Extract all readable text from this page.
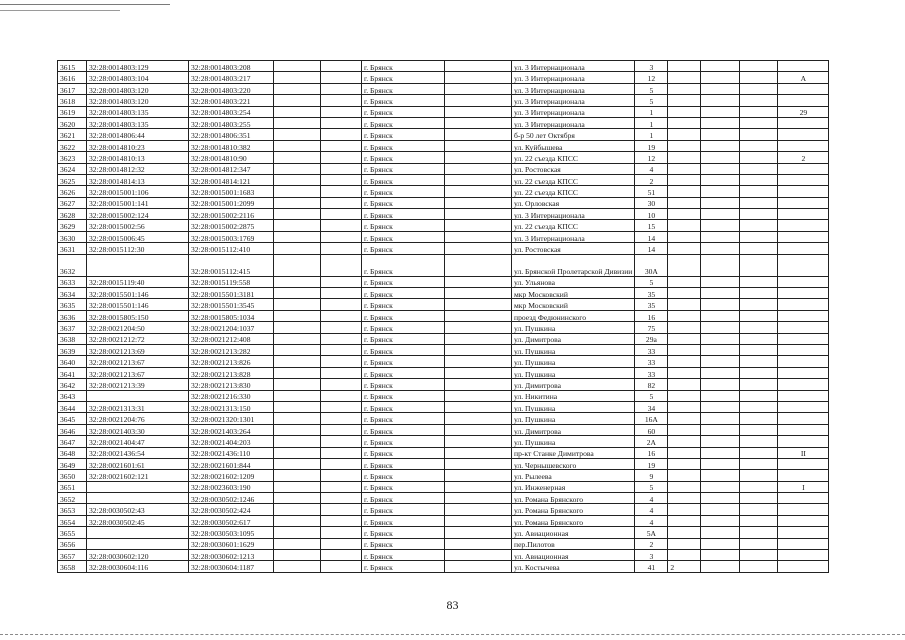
3615	32:28:0014803:129	32:28:0014803:208			г. Брянск		ул. 3 Интернационала	3				
3616	32:28:0014803:104	32:28:0014803:217			г. Брянск		ул. 3 Интернационала	12				А
3617	32:28:0014803:120	32:28:0014803:220			г. Брянск		ул. 3 Интернационала	5				
3618	32:28:0014803:120	32:28:0014803:221			г. Брянск		ул. 3 Интернационала	5				
3619	32:28:0014803:135	32:28:0014803:254			г. Брянск		ул. 3 Интернационала	1				29
3620	32:28:0014803:135	32:28:0014803:255			г. Брянск		ул. 3 Интернационала	1				
3621	32:28:0014806:44	32:28:0014806:351			г. Брянск		б-р 50 лет Октября	1				
3622	32:28:0014810:23	32:28:0014810:382			г. Брянск		ул. Куйбышева	19				
3623	32:28:0014810:13	32:28:0014810:90			г. Брянск		ул. 22 съезда КПСС	12				2
3624	32:28:0014812:32	32:28:0014812:347			г. Брянск		ул. Ростовская	4				
3625	32:28:0014814:13	32:28:0014814:121			г. Брянск		ул. 22 съезда КПСС	2				
3626	32:28:0015001:106	32:28:0015001:1683			г. Брянск		ул. 22 съезда КПСС	51				
3627	32:28:0015001:141	32:28:0015001:2099			г. Брянск		ул. Орловская	30				
3628	32:28:0015002:124	32:28:0015002:2116			г. Брянск		ул. 3 Интернационала	10				
3629	32:28:0015002:56	32:28:0015002:2875			г. Брянск		ул. 22 съезда КПСС	15				
3630	32:28:0015006:45	32:28:0015003:1769			г. Брянск		ул. 3 Интернационала	14				
3631	32:28:0015112:30	32:28:0015112:410			г. Брянск		ул. Ростовская	14				
3632		32:28:0015112:415			г. Брянск		ул. Брянской Пролетарской Дивизии	30А				
3633	32:28:0015119:40	32:28:0015119:558			г. Брянск		ул. Ульянова	5				
3634	32:28:0015501:146	32:28:0015501:3181			г. Брянск		мкр Московский	35				
3635	32:28:0015501:146	32:28:0015501:3545			г. Брянск		мкр Московский	35				
3636	32:28:0015805:150	32:28:0015805:1034			г. Брянск		проезд Федюнинского	16				
3637	32:28:0021204:50	32:28:0021204:1037			г. Брянск		ул. Пушкина	75				
3638	32:28:0021212:72	32:28:0021212:408			г. Брянск		ул. Димитрова	29а				
3639	32:28:0021213:69	32:28:0021213:282			г. Брянск		ул. Пушкина	33				
3640	32:28:0021213:67	32:28:0021213:826			г. Брянск		ул. Пушкина	33				
3641	32:28:0021213:67	32:28:0021213:828			г. Брянск		ул. Пушкина	33				
3642	32:28:0021213:39	32:28:0021213:830			г. Брянск		ул. Димитрова	82				
3643		32:28:0021216:330			г. Брянск		ул. Никитина	5				
3644	32:28:0021313:31	32:28:0021313:150			г. Брянск		ул. Пушкина	34				
3645	32:28:0021204:76	32:28:0021320:1301			г. Брянск		ул. Пушкина	16А				
3646	32:28:0021403:30	32:28:0021403:264			г. Брянск		ул. Димитрова	60				
3647	32:28:0021404:47	32:28:0021404:203			г. Брянск		ул. Пушкина	2А				
3648	32:28:0021436:54	32:28:0021436:110			г. Брянск		пр-кт Станке Димитрова	16				II
3649	32:28:0021601:61	32:28:0021601:844			г. Брянск		ул. Чернышевского	19				
3650	32:28:0021602:121	32:28:0021602:1209			г. Брянск		ул. Рылеева	9				
3651		32:28:0023603:190			г. Брянск		ул. Инженерная	5				I
3652		32:28:0030502:1246			г. Брянск		ул. Романа Брянского	4				
3653	32:28:0030502:43	32:28:0030502:424			г. Брянск		ул. Романа Брянского	4				
3654	32:28:0030502:45	32:28:0030502:617			г. Брянск		ул. Романа Брянского	4				
3655		32:28:0030503:1095			г. Брянск		ул. Авиационная	5А				
3656		32:28:0030601:1629			г. Брянск		пер.Пилотов	2				
3657	32:28:0030602:120	32:28:0030602:1213			г. Брянск		ул. Авиационная	3				
3658	32:28:0030604:116	32:28:0030604:1187			г. Брянск		ул. Костычева	41	2			
83
